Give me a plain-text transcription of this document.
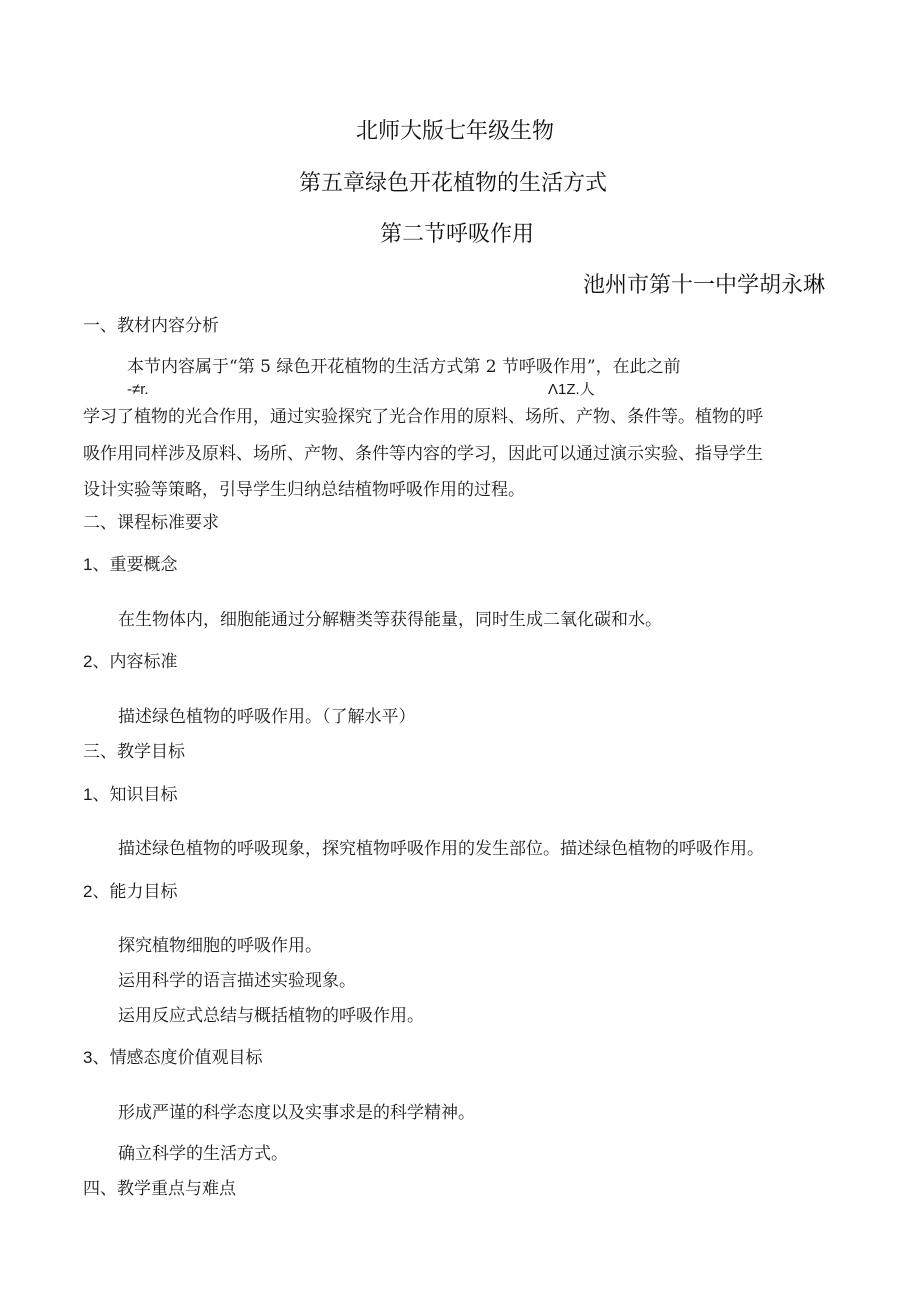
北师大版七年级生物
第五章绿色开花植物的生活方式
第二节呼吸作用
池州市第十一中学胡永琳
一、教材内容分析
本节内容属于“第 5 绿色开花植物的生活方式第 2 节呼吸作用”，在此之前
-≠r.	Λ1Z.人
学习了植物的光合作用，通过实验探究了光合作用的原料、场所、产物、条件等。植物的呼
吸作用同样涉及原料、场所、产物、条件等内容的学习，因此可以通过演示实验、指导学生
设计实验等策略，引导学生归纳总结植物呼吸作用的过程。
二、课程标准要求
1、重要概念
在生物体内，细胞能通过分解糖类等获得能量，同时生成二氧化碳和水。
2、内容标准
描述绿色植物的呼吸作用。（了解水平）
三、教学目标
1、知识目标
描述绿色植物的呼吸现象，探究植物呼吸作用的发生部位。描述绿色植物的呼吸作用。
2、能力目标
探究植物细胞的呼吸作用。
运用科学的语言描述实验现象。
运用反应式总结与概括植物的呼吸作用。
3、情感态度价值观目标
形成严谨的科学态度以及实事求是的科学精神。
确立科学的生活方式。
四、教学重点与难点
